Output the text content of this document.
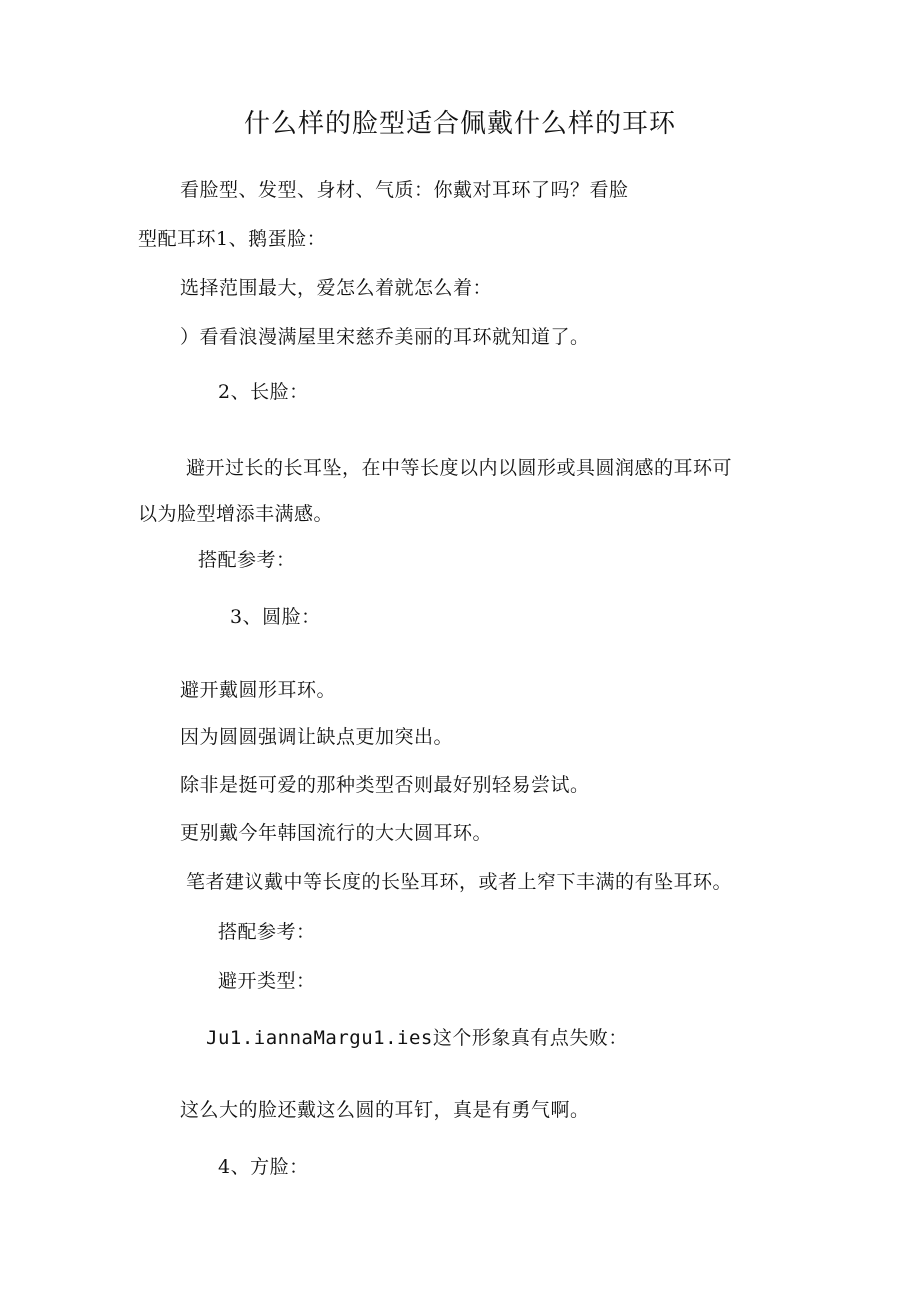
什么样的脸型适合佩戴什么样的耳环
看脸型、发型、身材、气质：你戴对耳环了吗？看脸
型配耳环1、鹅蛋脸：
选择范围最大，爱怎么着就怎么着：
）看看浪漫满屋里宋慈乔美丽的耳环就知道了。
2、长脸：
避开过长的长耳坠，在中等长度以内以圆形或具圆润感的耳环可
以为脸型增添丰满感。
搭配参考：
3、圆脸：
避开戴圆形耳环。
因为圆圆强调让缺点更加突出。
除非是挺可爱的那种类型否则最好别轻易尝试。
更别戴今年韩国流行的大大圆耳环。
笔者建议戴中等长度的长坠耳环，或者上窄下丰满的有坠耳环。
搭配参考：
避开类型：
Ju1.iannaMargu1.ies这个形象真有点失败：
这么大的脸还戴这么圆的耳钉，真是有勇气啊。
4、方脸：
